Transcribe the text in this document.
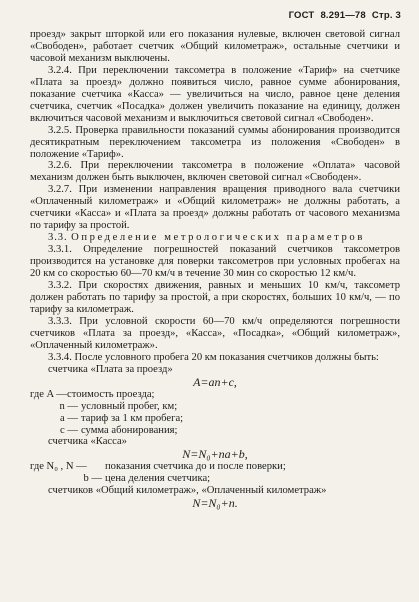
ГОСТ 8.291—78 Стр. 3

проезд» закрыт шторкой или его показания нулевые, включен световой сигнал «Свободен», работает счетчик «Общий километраж», остальные счетчики и часовой механизм выключены.

3.2.4. При переключении таксометра в положение «Тариф» на счетчике «Плата за проезд» должно появиться число, равное сумме абонирования, показание счетчика «Касса» — увеличиться на число, равное цене деления счетчика, счетчик «Посадка» должен увеличить показание на единицу, должен включиться часовой механизм и выключиться световой сигнал «Свободен».

3.2.5. Проверка правильности показаний суммы абонирования производится десятикратным переключением таксометра из положения «Свободен» в положение «Тариф».

3.2.6. При переключении таксометра в положение «Оплата» часовой механизм должен быть выключен, включен световой сигнал «Свободен».

3.2.7. При изменении направления вращения приводного вала счетчики «Оплаченный километраж» и «Общий километраж» не должны работать, а счетчики «Касса» и «Плата за проезд» должны работать от часового механизма по тарифу за простой.

3.3. Определение метрологических параметров

3.3.1. Определение погрешностей показаний счетчиков таксометров производится на установке для поверки таксометров при условных пробегах на 20 км со скоростью 60—70 км/ч в течение 30 мин со скоростью 12 км/ч.

3.3.2. При скоростях движения, равных и меньших 10 км/ч, таксометр должен работать по тарифу за простой, а при скоростях, больших 10 км/ч, — по тарифу за километраж.

3.3.3. При условной скорости 60—70 км/ч определяются погрешности счетчиков «Плата за проезд», «Касса», «Посадка», «Общий километраж», «Оплаченный километраж».

3.3.4. После условного пробега 20 км показания счетчиков должны быть:

счетчика «Плата за проезд»

A=an+c,

где A — стоимость проезда;
n — условный пробег, км;
a — тариф за 1 км пробега;
c — сумма абонирования;

счетчика «Касса»

N=N₀+na+b,

где N₀ , N —	показания счетчика до и после поверки;
b — цена деления счетчика;

счетчиков «Общий километраж», «Оплаченный километраж»

N=N₀+n.
